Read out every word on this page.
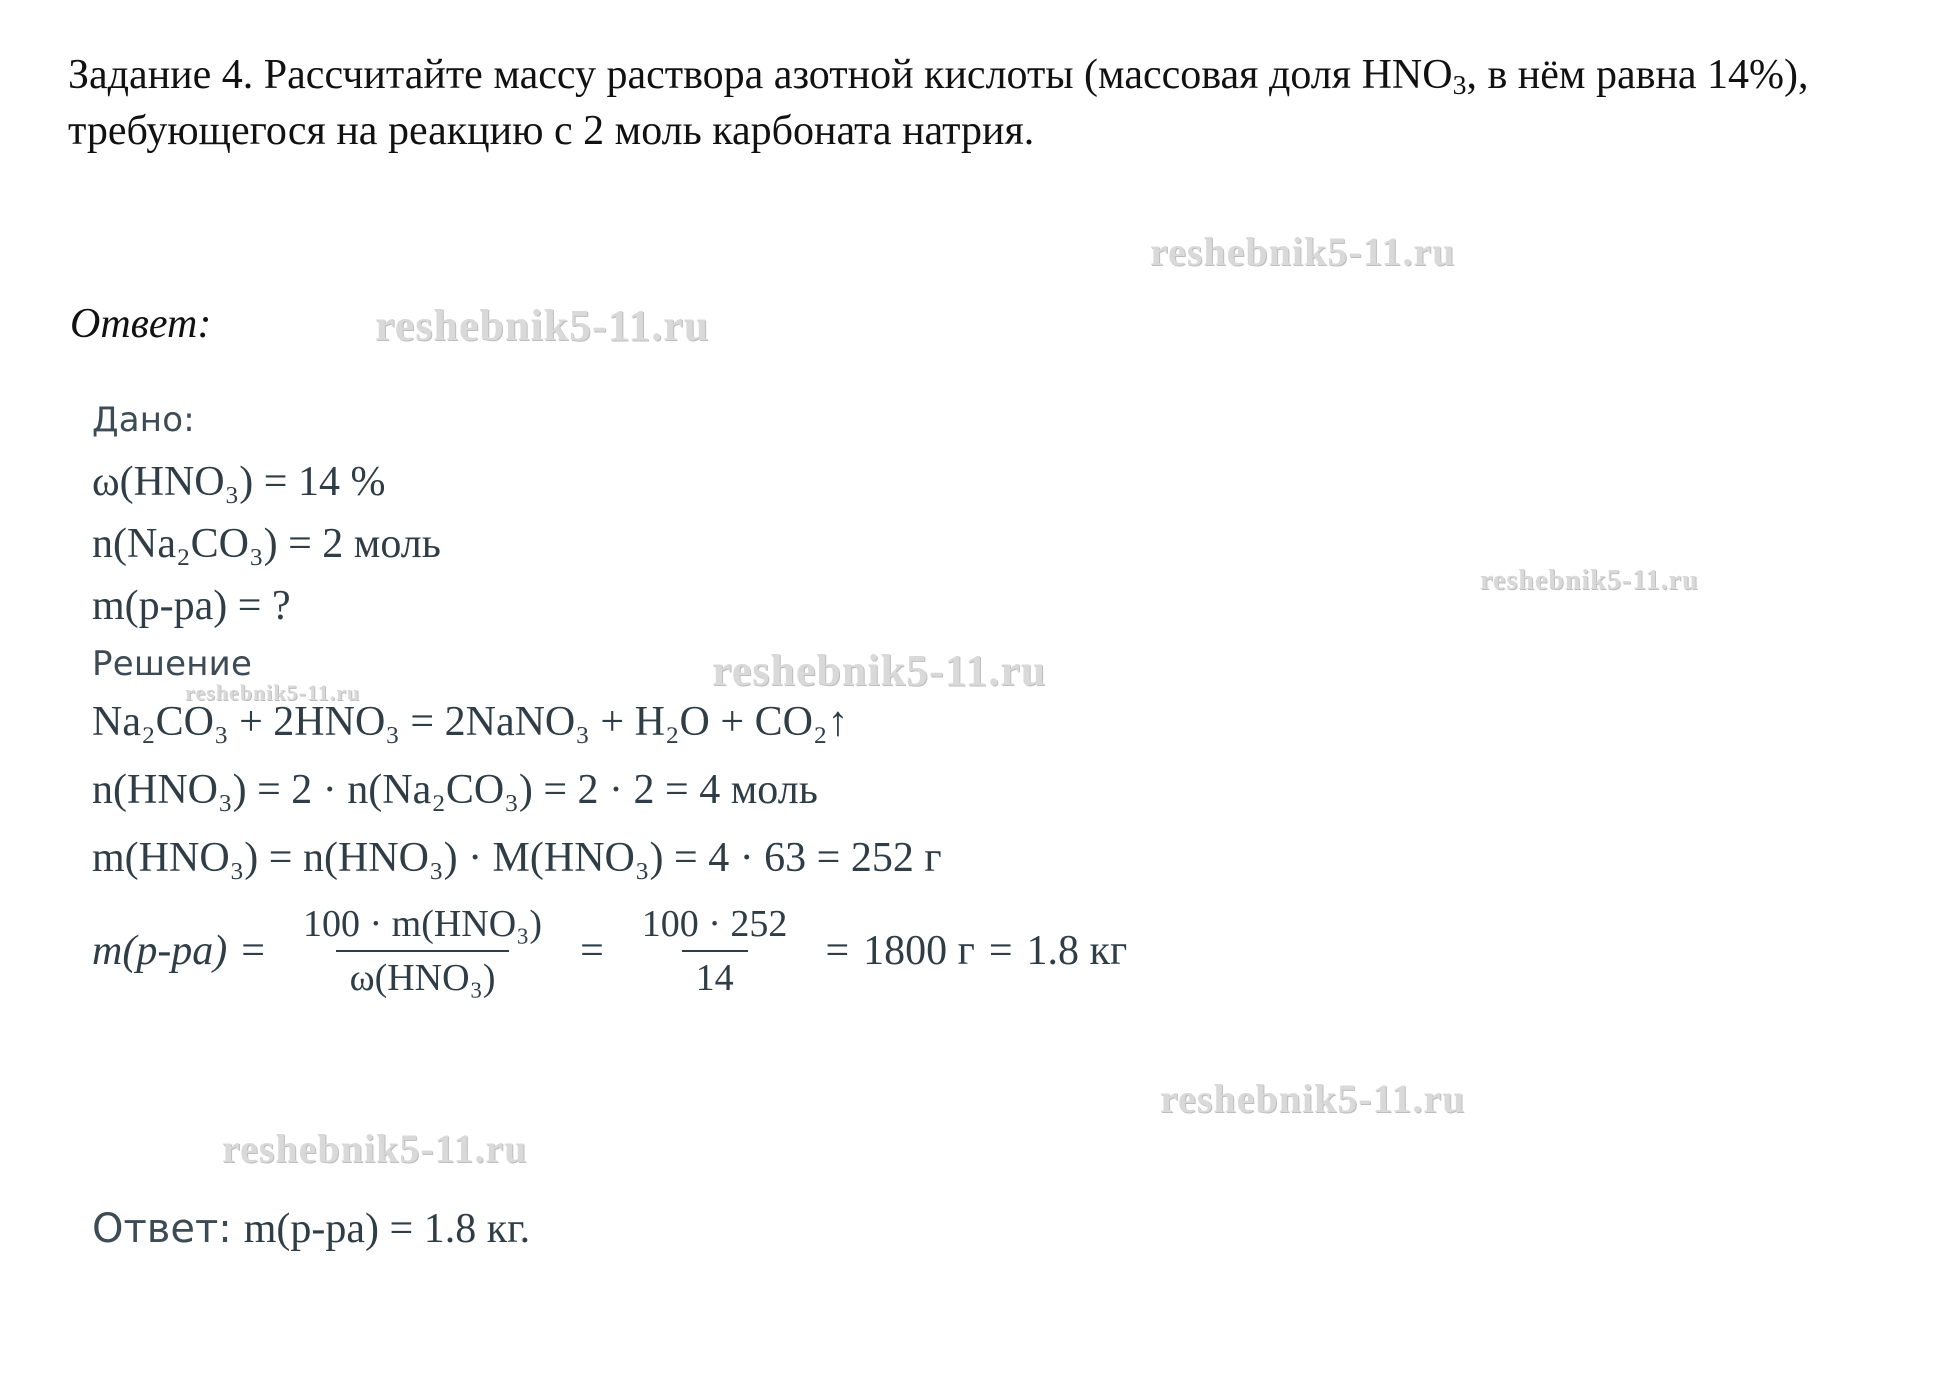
Задание 4. Рассчитайте массу раствора азотной кислоты (массовая доля $HNO_3$, в нём равна 14%), требующегося на реакцию с 2 моль карбоната натрия.
Ответ:
Дано:
ω(HNO₃) = 14 %
n(Na₂CO₃) = 2 моль
m(р-ра) = ?
Решение
Na₂CO₃ + 2HNO₃ = 2NaNO₃ + H₂O + CO₂↑
n(HNO₃) = 2 · n(Na₂CO₃) = 2 · 2 = 4 моль
m(HNO₃) = n(HNO₃) · M(HNO₃) = 4 · 63 = 252 г
$m(р-ра) = \frac{\text{100 · m(HNO₃)}}{\text{ω(HNO₃)}} = \frac{100 \cdot 252}{14} = 1800$ г = 1.8 кг
Ответ: m(р-ра) = 1.8 кг.
reshebnik5-11.ru
reshebnik5-11.ru
reshebnik5-11.ru
reshebnik5-11.ru
reshebnik5-11.ru
reshebnik5-11.ru
reshebnik5-11.ru
